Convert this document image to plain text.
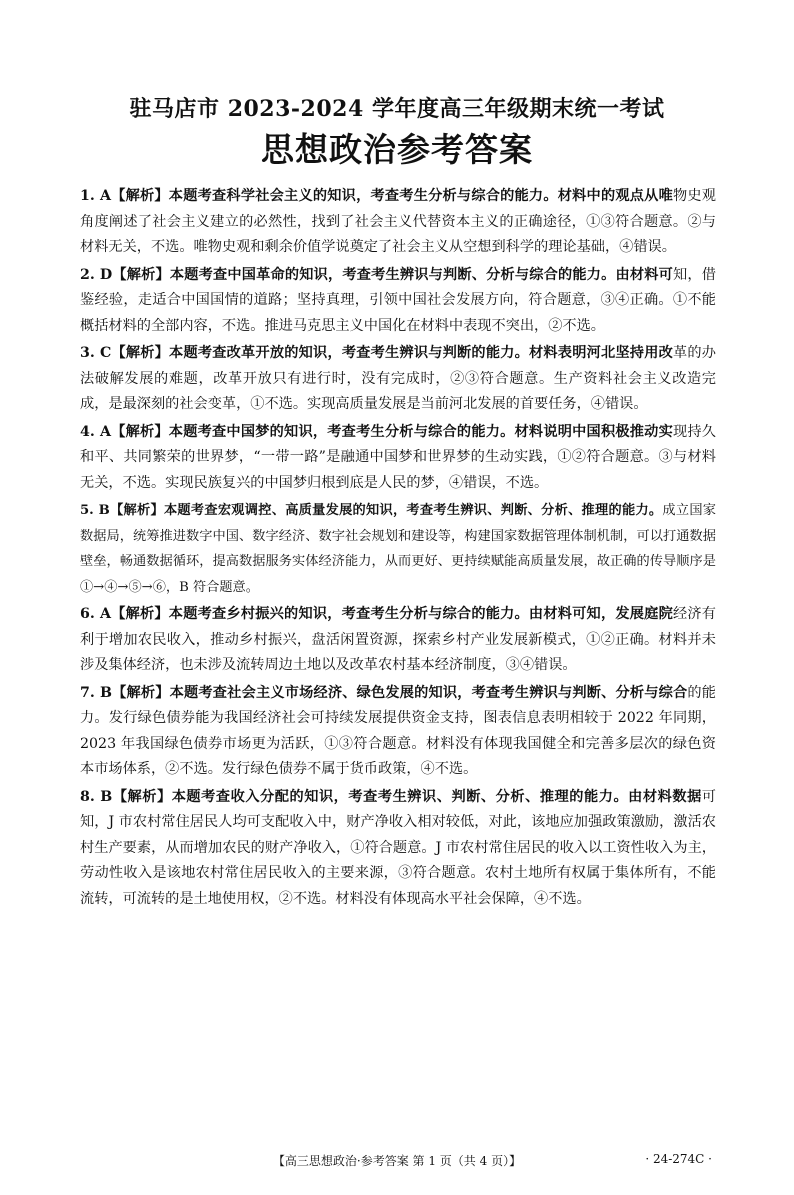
驻马店市 2023-2024 学年度高三年级期末统一考试
思想政治参考答案

1. A【解析】本题考查科学社会主义的知识，考查考生分析与综合的能力。材料中的观点从唯物史观角度阐述了社会主义建立的必然性，找到了社会主义代替资本主义的正确途径，①③符合题意。②与材料无关，不选。唯物史观和剩余价值学说奠定了社会主义从空想到科学的理论基础，④错误。

2. D【解析】本题考查中国革命的知识，考查考生辨识与判断、分析与综合的能力。由材料可知，借鉴经验，走适合中国国情的道路；坚持真理，引领中国社会发展方向，符合题意，③④正确。①不能概括材料的全部内容，不选。推进马克思主义中国化在材料中表现不突出，②不选。

3. C【解析】本题考查改革开放的知识，考查考生辨识与判断的能力。材料表明河北坚持用改革的办法破解发展的难题，改革开放只有进行时，没有完成时，②③符合题意。生产资料社会主义改造完成，是最深刻的社会变革，①不选。实现高质量发展是当前河北发展的首要任务，④错误。

4. A【解析】本题考查中国梦的知识，考查考生分析与综合的能力。材料说明中国积极推动实现持久和平、共同繁荣的世界梦，“一带一路”是融通中国梦和世界梦的生动实践，①②符合题意。③与材料无关，不选。实现民族复兴的中国梦归根到底是人民的梦，④错误，不选。

5. B【解析】本题考查宏观调控、高质量发展的知识，考查考生辨识、判断、分析、推理的能力。成立国家数据局，统筹推进数字中国、数字经济、数字社会规划和建设等，构建国家数据管理体制机制，可以打通数据壁垒，畅通数据循环，提高数据服务实体经济能力，从而更好、更持续赋能高质量发展，故正确的传导顺序是①→④→⑤→⑥，B 符合题意。

6. A【解析】本题考查乡村振兴的知识，考查考生分析与综合的能力。由材料可知，发展庭院经济有利于增加农民收入，推动乡村振兴，盘活闲置资源，探索乡村产业发展新模式，①②正确。材料并未涉及集体经济，也未涉及流转周边土地以及改革农村基本经济制度，③④错误。

7. B【解析】本题考查社会主义市场经济、绿色发展的知识，考查考生辨识与判断、分析与综合的能力。发行绿色债券能为我国经济社会可持续发展提供资金支持，图表信息表明相较于 2022 年同期，2023 年我国绿色债券市场更为活跃，①③符合题意。材料没有体现我国健全和完善多层次的绿色资本市场体系，②不选。发行绿色债券不属于货币政策，④不选。

8. B【解析】本题考查收入分配的知识，考查考生辨识、判断、分析、推理的能力。由材料数据可知，J 市农村常住居民人均可支配收入中，财产净收入相对较低，对此，该地应加强政策激励，激活农村生产要素，从而增加农民的财产净收入，①符合题意。J 市农村常住居民的收入以工资性收入为主，劳动性收入是该地农村常住居民收入的主要来源，③符合题意。农村土地所有权属于集体所有，不能流转，可流转的是土地使用权，②不选。材料没有体现高水平社会保障，④不选。

【高三思想政治·参考答案 第 1 页（共 4 页）】	· 24-274C ·
